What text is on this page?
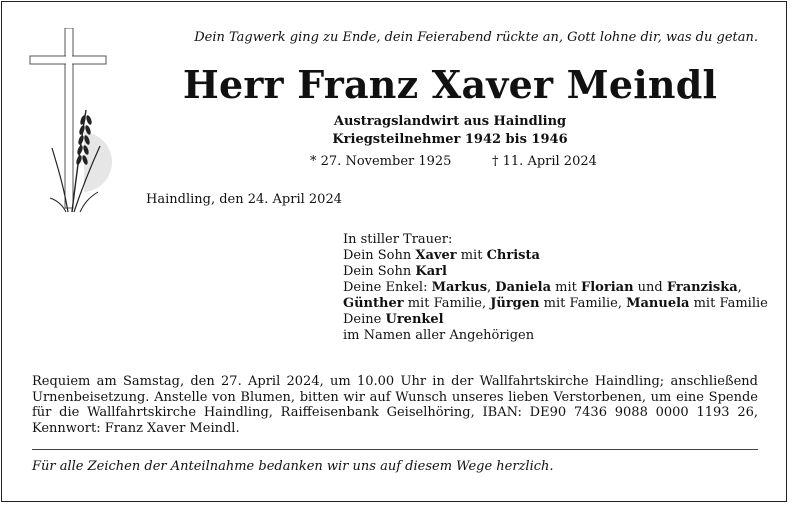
Dein Tagwerk ging zu Ende, dein Feierabend rückte an, Gott lohne dir, was du getan.
Herr Franz Xaver Meindl
Austragslandwirt aus Haindling
Kriegsteilnehmer 1942 bis 1946
* 27. November 1925	† 11. April 2024
Haindling, den 24. April 2024
In stiller Trauer:
Dein Sohn Xaver mit Christa
Dein Sohn Karl
Deine Enkel: Markus, Daniela mit Florian und Franziska,
Günther mit Familie, Jürgen mit Familie, Manuela mit Familie
Deine Urenkel
im Namen aller Angehörigen
Requiem am Samstag, den 27. April 2024, um 10.00 Uhr in der Wallfahrtskirche Haindling; anschließend Urnenbeisetzung. Anstelle von Blumen, bitten wir auf Wunsch unseres lieben Verstorbenen, um eine Spende für die Wallfahrtskirche Haindling, Raiffeisenbank Geiselhöring, IBAN: DE90 7436 9088 0000 1193 26, Kennwort: Franz Xaver Meindl.
Für alle Zeichen der Anteilnahme bedanken wir uns auf diesem Wege herzlich.
